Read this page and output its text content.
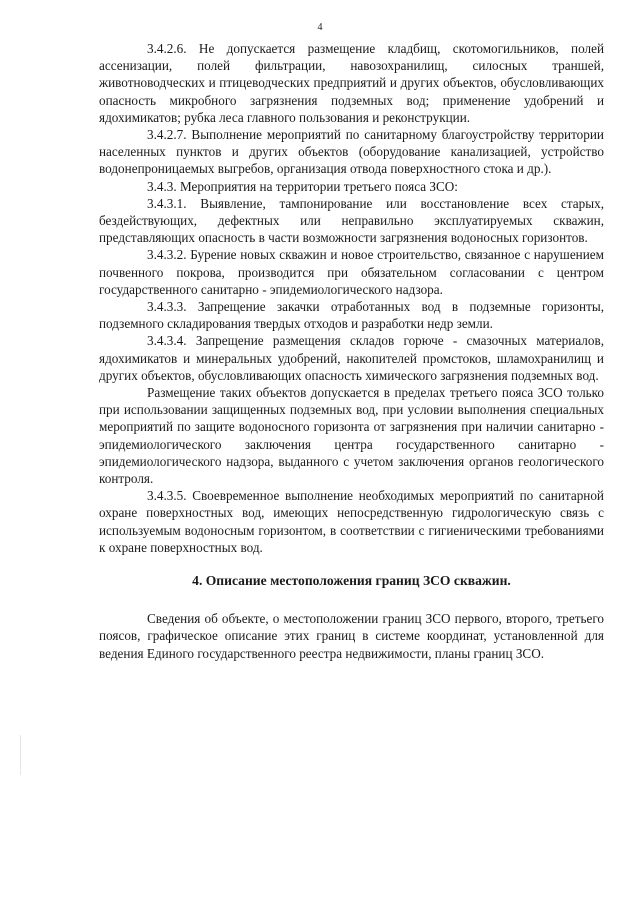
4

3.4.2.6. Не допускается размещение кладбищ, скотомогильников, полей ассенизации, полей фильтрации, навозохранилищ, силосных траншей, животноводческих и птицеводческих предприятий и других объектов, обусловливающих опасность микробного загрязнения подземных вод; применение удобрений и ядохимикатов; рубка леса главного пользования и реконструкции.

3.4.2.7. Выполнение мероприятий по санитарному благоустройству территории населенных пунктов и других объектов (оборудование канализацией, устройство водонепроницаемых выгребов, организация отвода поверхностного стока и др.).

3.4.3. Мероприятия на территории третьего пояса ЗСО:

3.4.3.1. Выявление, тампонирование или восстановление всех старых, бездействующих, дефектных или неправильно эксплуатируемых скважин, представляющих опасность в части возможности загрязнения водоносных горизонтов.

3.4.3.2. Бурение новых скважин и новое строительство, связанное с нарушением почвенного покрова, производится при обязательном согласовании с центром государственного санитарно - эпидемиологического надзора.

3.4.3.3. Запрещение закачки отработанных вод в подземные горизонты, подземного складирования твердых отходов и разработки недр земли.

3.4.3.4. Запрещение размещения складов горюче - смазочных материалов, ядохимикатов и минеральных удобрений, накопителей промстоков, шламохранилищ и других объектов, обусловливающих опасность химического загрязнения подземных вод.

Размещение таких объектов допускается в пределах третьего пояса ЗСО только при использовании защищенных подземных вод, при условии выполнения специальных мероприятий по защите водоносного горизонта от загрязнения при наличии санитарно - эпидемиологического заключения центра государственного санитарно - эпидемиологического надзора, выданного с учетом заключения органов геологического контроля.

3.4.3.5. Своевременное выполнение необходимых мероприятий по санитарной охране поверхностных вод, имеющих непосредственную гидрологическую связь с используемым водоносным горизонтом, в соответствии с гигиеническими требованиями к охране поверхностных вод.

4. Описание местоположения границ ЗСО скважин.

Сведения об объекте, о местоположении границ ЗСО первого, второго, третьего поясов, графическое описание этих границ в системе координат, установленной для ведения Единого государственного реестра недвижимости, планы границ ЗСО.
